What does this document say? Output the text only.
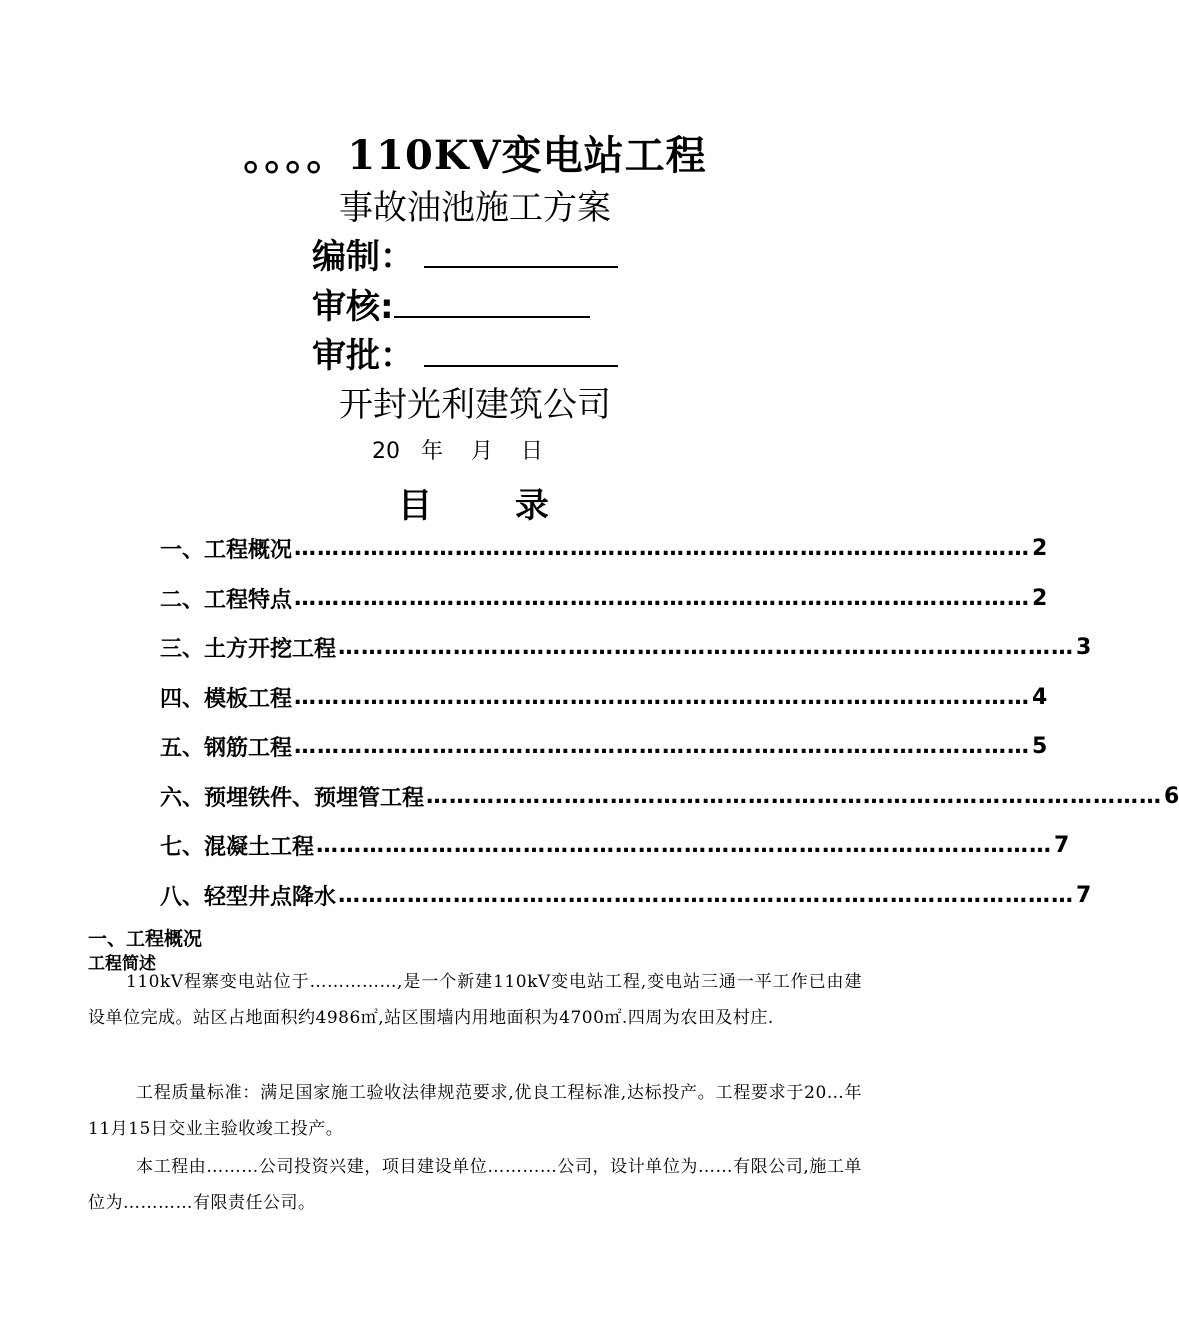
。。。。110KV变电站工程
事故油池施工方案
编制：
审核:
审批：
开封光利建筑公司
20   年    月    日
目       录
一、工程概况 …………………………………………………………………………………… 2
二、工程特点 …………………………………………………………………………………… 2
三、土方开挖工程 …………………………………………………………………………………… 3
四、模板工程 …………………………………………………………………………………… 4
五、钢筋工程 …………………………………………………………………………………… 5
六、预埋铁件、预埋管工程 …………………………………………………………………………………… 6
七、混凝土工程 …………………………………………………………………………………… 7
八、轻型井点降水 …………………………………………………………………………………… 7
一、工程概况
工程简述
110kV程寨变电站位于……………,是一个新建110kV变电站工程,变电站三通一平工作已由建设单位完成。站区占地面积约4986㎡,站区围墙内用地面积为4700㎡.四周为农田及村庄.
工程质量标准：满足国家施工验收法律规范要求,优良工程标准,达标投产。工程要求于20…年11月15日交业主验收竣工投产。
本工程由………公司投资兴建，项目建设单位…………公司，设计单位为……有限公司,施工单位为…………有限责任公司。
